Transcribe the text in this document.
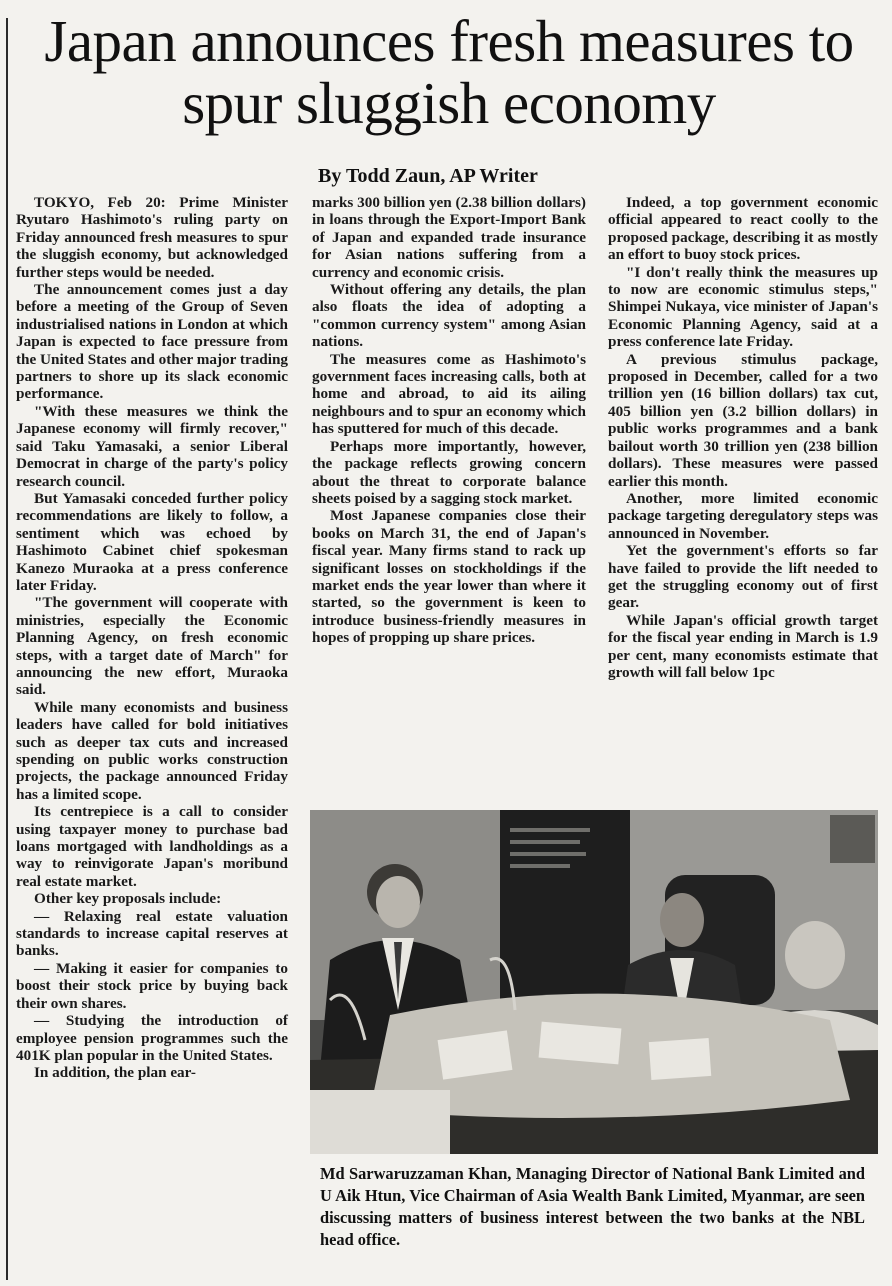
Japan announces fresh measures to spur sluggish economy
By Todd Zaun, AP Writer

TOKYO, Feb 20: Prime Minister Ryutaro Hashimoto's ruling party on Friday announced fresh measures to spur the sluggish economy, but acknowledged further steps would be needed.

The announcement comes just a day before a meeting of the Group of Seven industrialised nations in London at which Japan is expected to face pressure from the United States and other major trading partners to shore up its slack economic performance.

"With these measures we think the Japanese economy will firmly recover," said Taku Yamasaki, a senior Liberal Democrat in charge of the party's policy research council.

But Yamasaki conceded further policy recommendations are likely to follow, a sentiment which was echoed by Hashimoto Cabinet chief spokesman Kanezo Muraoka at a press conference later Friday.

"The government will cooperate with ministries, especially the Economic Planning Agency, on fresh economic steps, with a target date of March" for announcing the new effort, Muraoka said.

While many economists and business leaders have called for bold initiatives such as deeper tax cuts and increased spending on public works construction projects, the package announced Friday has a limited scope.

Its centrepiece is a call to consider using taxpayer money to purchase bad loans mortgaged with landholdings as a way to reinvigorate Japan's moribund real estate market.

Other key proposals include:

— Relaxing real estate valuation standards to increase capital reserves at banks.

— Making it easier for companies to boost their stock price by buying back their own shares.

— Studying the introduction of employee pension programmes such the 401K plan popular in the United States.

In addition, the plan ear-

marks 300 billion yen (2.38 billion dollars) in loans through the Export-Import Bank of Japan and expanded trade insurance for Asian nations suffering from a currency and economic crisis.

Without offering any details, the plan also floats the idea of adopting a "common currency system" among Asian nations.

The measures come as Hashimoto's government faces increasing calls, both at home and abroad, to aid its ailing neighbours and to spur an economy which has sputtered for much of this decade.

Perhaps more importantly, however, the package reflects growing concern about the threat to corporate balance sheets poised by a sagging stock market.

Most Japanese companies close their books on March 31, the end of Japan's fiscal year. Many firms stand to rack up significant losses on stockholdings if the market ends the year lower than where it started, so the government is keen to introduce business-friendly measures in hopes of propping up share prices.

Indeed, a top government economic official appeared to react coolly to the proposed package, describing it as mostly an effort to buoy stock prices.

"I don't really think the measures up to now are economic stimulus steps," Shimpei Nukaya, vice minister of Japan's Economic Planning Agency, said at a press conference late Friday.

A previous stimulus package, proposed in December, called for a two trillion yen (16 billion dollars) tax cut, 405 billion yen (3.2 billion dollars) in public works programmes and a bank bailout worth 30 trillion yen (238 billion dollars). These measures were passed earlier this month.

Another, more limited economic package targeting deregulatory steps was announced in November.

Yet the government's efforts so far have failed to provide the lift needed to get the struggling economy out of first gear.

While Japan's official growth target for the fiscal year ending in March is 1.9 per cent, many economists estimate that growth will fall below 1pc

Md Sarwaruzzaman Khan, Managing Director of National Bank Limited and U Aik Htun, Vice Chairman of Asia Wealth Bank Limited, Myanmar, are seen discussing matters of business interest between the two banks at the NBL head office.
